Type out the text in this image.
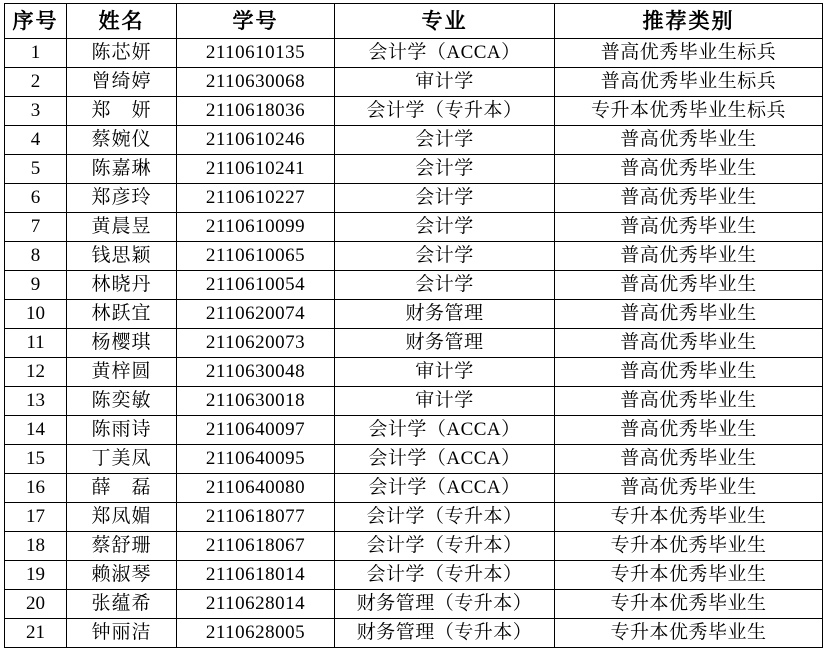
序号	姓名	学号	专业	推荐类别
1	陈芯妍	2110610135	会计学（ACCA）	普高优秀毕业生标兵
2	曾绮婷	2110630068	审计学	普高优秀毕业生标兵
3	郑　妍	2110618036	会计学（专升本）	专升本优秀毕业生标兵
4	蔡婉仪	2110610246	会计学	普高优秀毕业生
5	陈嘉琳	2110610241	会计学	普高优秀毕业生
6	郑彦玲	2110610227	会计学	普高优秀毕业生
7	黄晨昱	2110610099	会计学	普高优秀毕业生
8	钱思颖	2110610065	会计学	普高优秀毕业生
9	林晓丹	2110610054	会计学	普高优秀毕业生
10	林跃宜	2110620074	财务管理	普高优秀毕业生
11	杨樱琪	2110620073	财务管理	普高优秀毕业生
12	黄梓圆	2110630048	审计学	普高优秀毕业生
13	陈奕敏	2110630018	审计学	普高优秀毕业生
14	陈雨诗	2110640097	会计学（ACCA）	普高优秀毕业生
15	丁美凤	2110640095	会计学（ACCA）	普高优秀毕业生
16	薛　磊	2110640080	会计学（ACCA）	普高优秀毕业生
17	郑凤媚	2110618077	会计学（专升本）	专升本优秀毕业生
18	蔡舒珊	2110618067	会计学（专升本）	专升本优秀毕业生
19	赖淑琴	2110618014	会计学（专升本）	专升本优秀毕业生
20	张蕴希	2110628014	财务管理（专升本）	专升本优秀毕业生
21	钟丽洁	2110628005	财务管理（专升本）	专升本优秀毕业生
